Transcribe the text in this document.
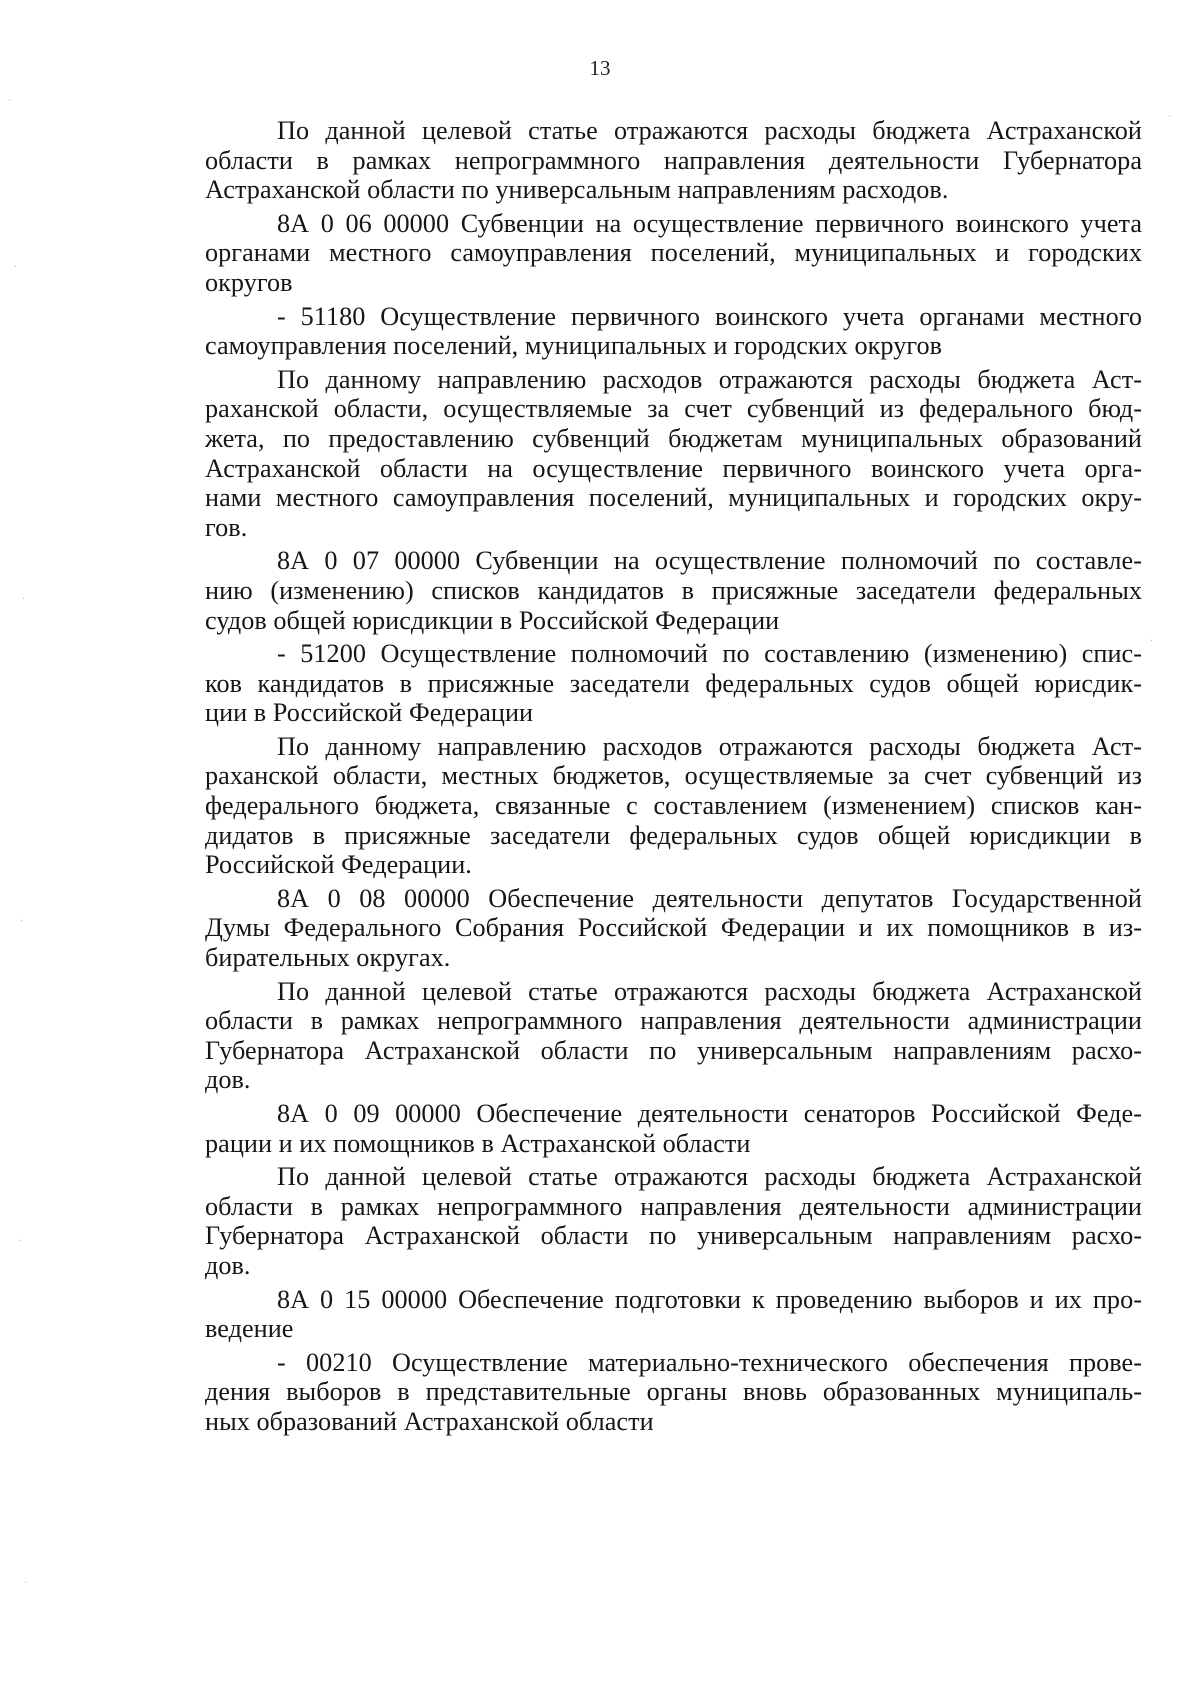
13
По данной целевой статье отражаются расходы бюджета Астраханской
области в рамках непрограммного направления деятельности Губернатора
Астраханской области по универсальным направлениям расходов.
8А 0 06 00000 Субвенции на осуществление первичного воинского учета
органами местного самоуправления поселений, муниципальных и городских
округов
- 51180 Осуществление первичного воинского учета органами местного
самоуправления поселений, муниципальных и городских округов
По данному направлению расходов отражаются расходы бюджета Аст-
раханской области, осуществляемые за счет субвенций из федерального бюд-
жета, по предоставлению субвенций бюджетам муниципальных образований
Астраханской области на осуществление первичного воинского учета орга-
нами местного самоуправления поселений, муниципальных и городских окру-
гов.
8А 0 07 00000 Субвенции на осуществление полномочий по составле-
нию (изменению) списков кандидатов в присяжные заседатели федеральных
судов общей юрисдикции в Российской Федерации
- 51200 Осуществление полномочий по составлению (изменению) спис-
ков кандидатов в присяжные заседатели федеральных судов общей юрисдик-
ции в Российской Федерации
По данному направлению расходов отражаются расходы бюджета Аст-
раханской области, местных бюджетов, осуществляемые за счет субвенций из
федерального бюджета, связанные с составлением (изменением) списков кан-
дидатов в присяжные заседатели федеральных судов общей юрисдикции в
Российской Федерации.
8А 0 08 00000 Обеспечение деятельности депутатов Государственной
Думы Федерального Собрания Российской Федерации и их помощников в из-
бирательных округах.
По данной целевой статье отражаются расходы бюджета Астраханской
области в рамках непрограммного направления деятельности администрации
Губернатора Астраханской области по универсальным направлениям расхо-
дов.
8А 0 09 00000 Обеспечение деятельности сенаторов Российской Феде-
рации и их помощников в Астраханской области
По данной целевой статье отражаются расходы бюджета Астраханской
области в рамках непрограммного направления деятельности администрации
Губернатора Астраханской области по универсальным направлениям расхо-
дов.
8А 0 15 00000 Обеспечение подготовки к проведению выборов и их про-
ведение
- 00210 Осуществление материально-технического обеспечения прове-
дения выборов в представительные органы вновь образованных муниципаль-
ных образований Астраханской области
·
·
·
·
·
·
·
·
